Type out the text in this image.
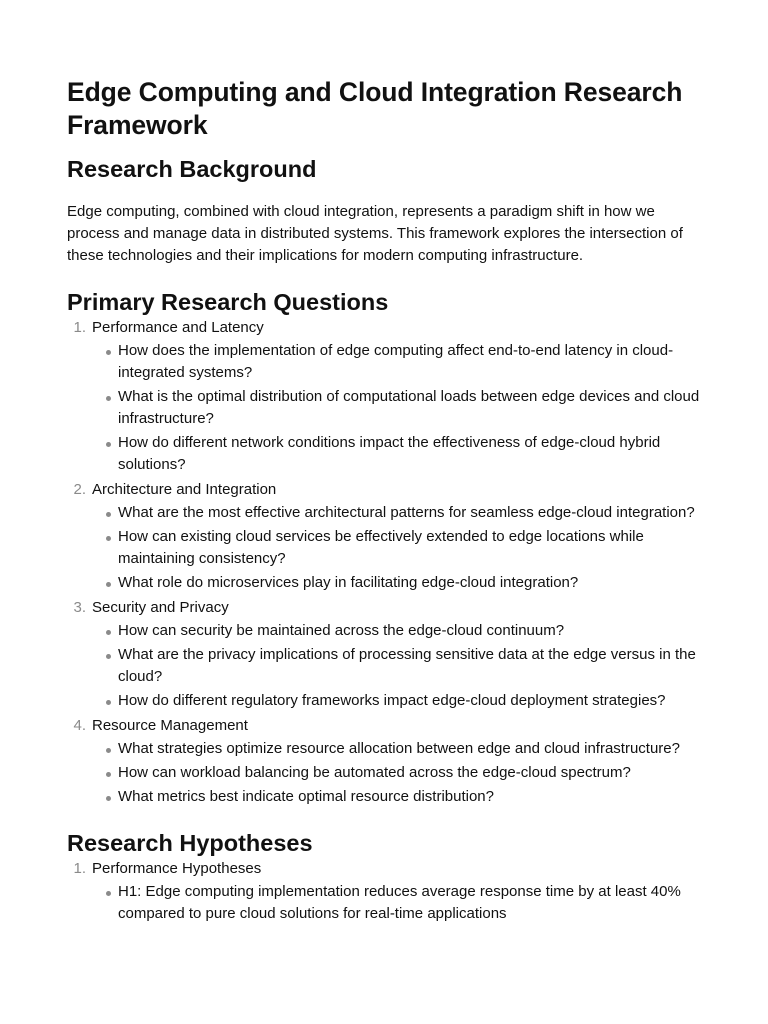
Edge Computing and Cloud Integration Research Framework
Research Background

Edge computing, combined with cloud integration, represents a paradigm shift in how we process and manage data in distributed systems. This framework explores the intersection of these technologies and their implications for modern computing infrastructure.

Primary Research Questions
1. Performance and Latency
How does the implementation of edge computing affect end-to-end latency in cloud-integrated systems?
What is the optimal distribution of computational loads between edge devices and cloud infrastructure?
How do different network conditions impact the effectiveness of edge-cloud hybrid solutions?
2. Architecture and Integration
What are the most effective architectural patterns for seamless edge-cloud integration?
How can existing cloud services be effectively extended to edge locations while maintaining consistency?
What role do microservices play in facilitating edge-cloud integration?
3. Security and Privacy
How can security be maintained across the edge-cloud continuum?
What are the privacy implications of processing sensitive data at the edge versus in the cloud?
How do different regulatory frameworks impact edge-cloud deployment strategies?
4. Resource Management
What strategies optimize resource allocation between edge and cloud infrastructure?
How can workload balancing be automated across the edge-cloud spectrum?
What metrics best indicate optimal resource distribution?
Research Hypotheses
1. Performance Hypotheses
H1: Edge computing implementation reduces average response time by at least 40% compared to pure cloud solutions for real-time applications
